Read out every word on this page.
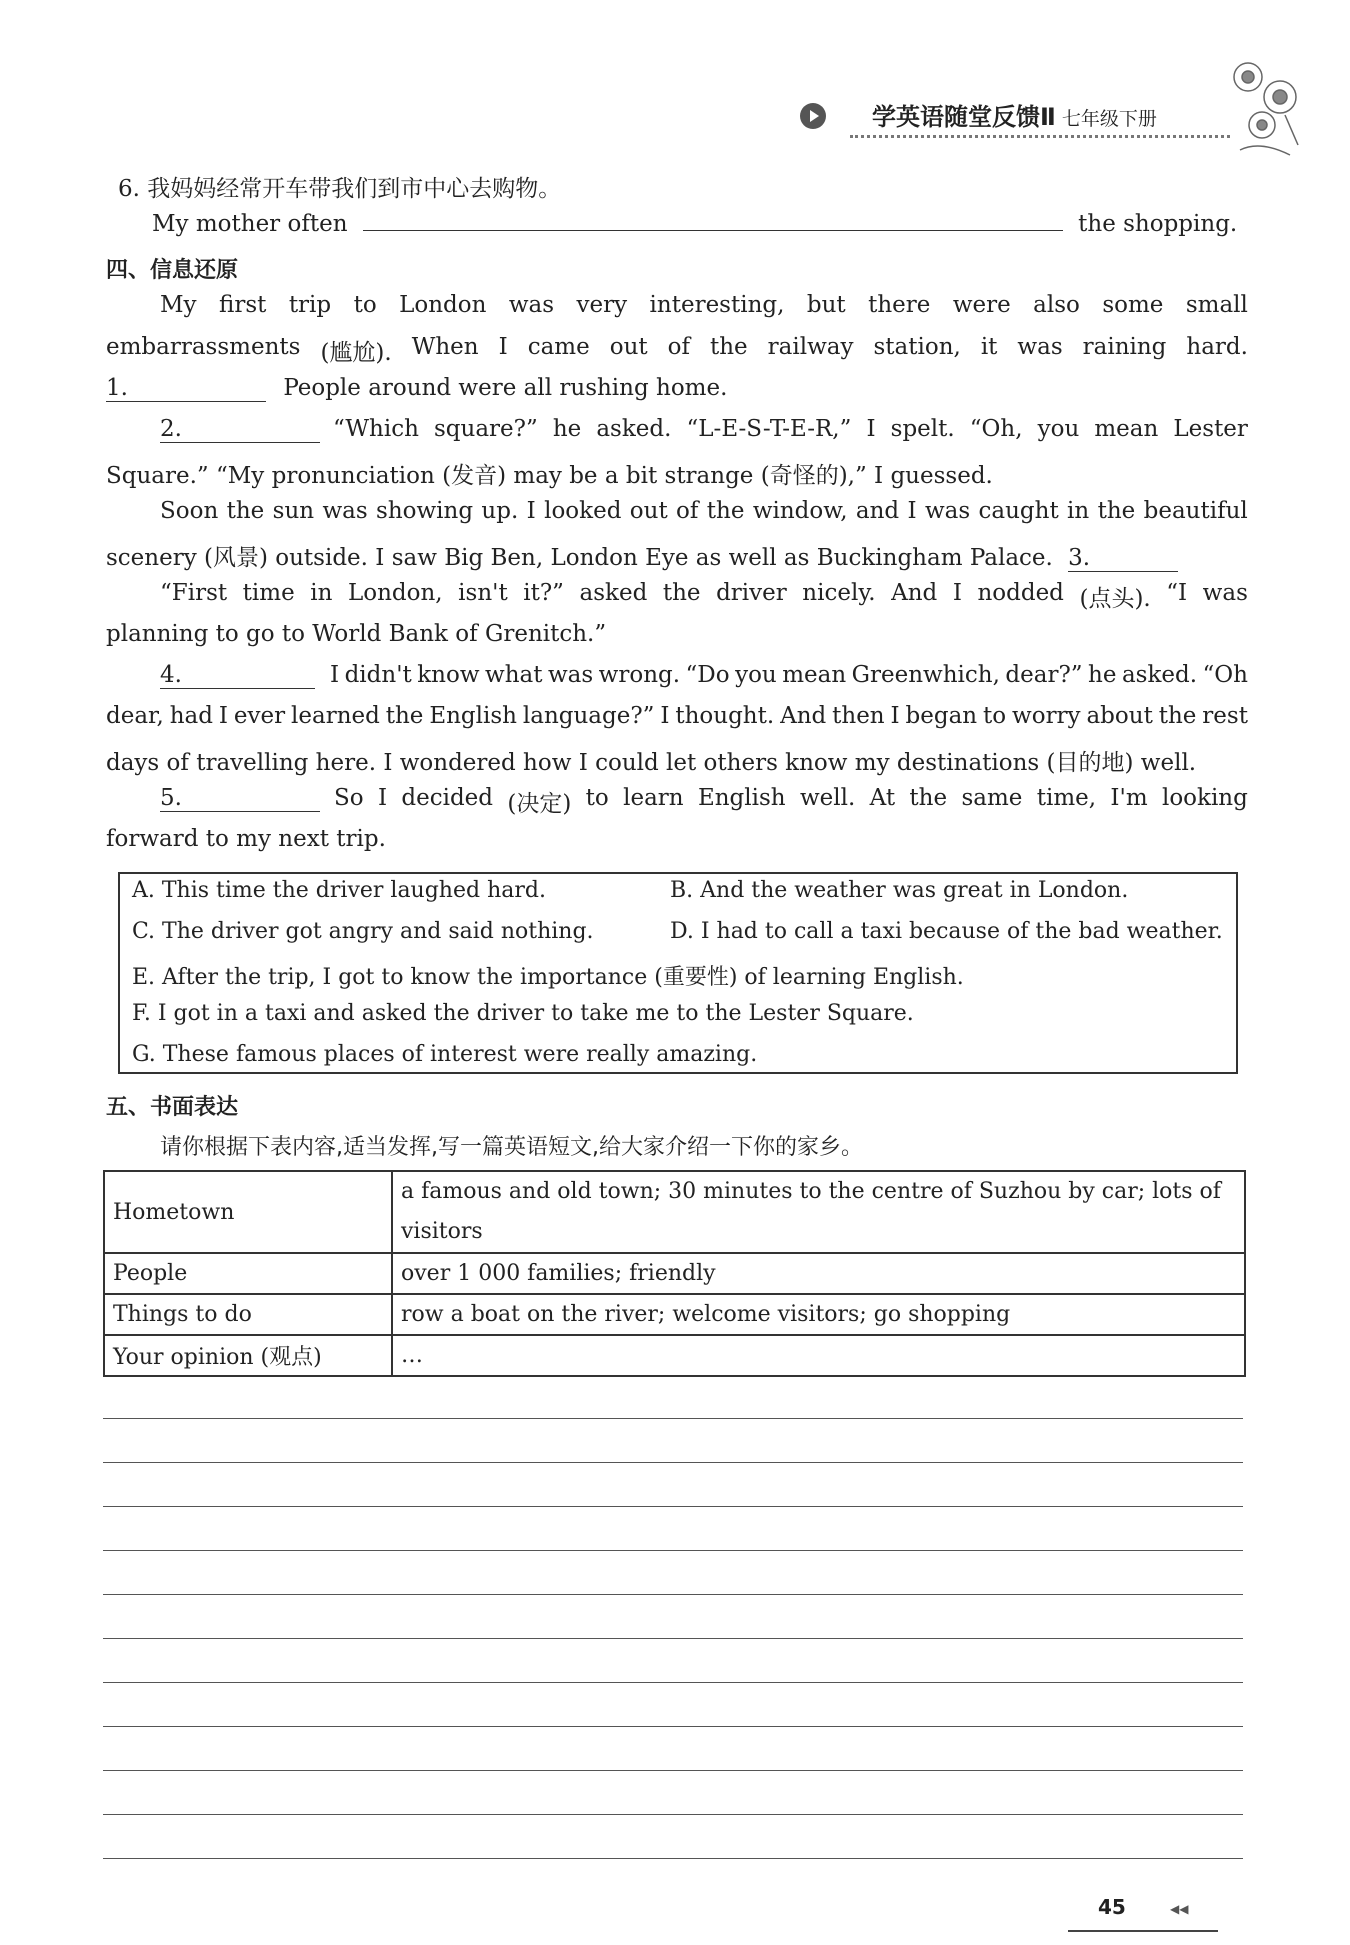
学英语随堂反馈Ⅱ 七年级下册
6. 我妈妈经常开车带我们到市中心去购物。
My mother often	the shopping.
四、信息还原
My first trip to London was very interesting, but there were also some small
embarrassments (尴尬). When I came out of the railway station, it was raining hard.
1.	People around were all rushing home.
2.	“Which square?” he asked. “L-E-S-T-E-R,” I spelt. “Oh, you mean Lester
Square.” “My pronunciation (发音) may be a bit strange (奇怪的),” I guessed.
Soon the sun was showing up. I looked out of the window, and I was caught in the beautiful
scenery (风景) outside. I saw Big Ben, London Eye as well as Buckingham Palace. 3.
“First time in London, isn't it?” asked the driver nicely. And I nodded (点头). “I was
planning to go to World Bank of Grenitch.”
4.	I didn't know what was wrong. “Do you mean Greenwhich, dear?” he asked. “Oh
dear, had I ever learned the English language?” I thought. And then I began to worry about the rest
days of travelling here. I wondered how I could let others know my destinations (目的地) well.
5.	So I decided (决定) to learn English well. At the same time, I'm looking
forward to my next trip.
A. This time the driver laughed hard.	B. And the weather was great in London.
C. The driver got angry and said nothing.	D. I had to call a taxi because of the bad weather.
E. After the trip, I got to know the importance (重要性) of learning English.
F. I got in a taxi and asked the driver to take me to the Lester Square.
G. These famous places of interest were really amazing.
五、书面表达
请你根据下表内容,适当发挥,写一篇英语短文,给大家介绍一下你的家乡。
Hometown	a famous and old town; 30 minutes to the centre of Suzhou by car; lots of visitors
People	over 1 000 families; friendly
Things to do	row a boat on the river; welcome visitors; go shopping
Your opinion (观点)	…
45	◀◀
